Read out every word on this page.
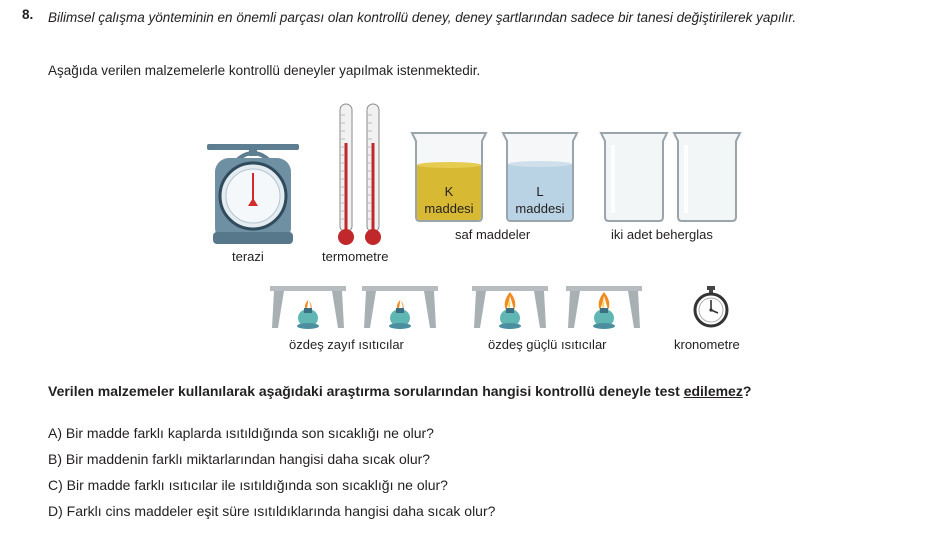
8. Bilimsel çalışma yönteminin en önemli parçası olan kontrollü deney, deney şartlarından sadece bir tanesi değiştirilerek yapılır.
Aşağıda verilen malzemelerle kontrollü deneyler yapılmak istenmektedir.
terazi	termometre
K
maddesi
L
maddesi
saf maddeler	iki adet beherglas
özdeş zayıf ısıtıcılar	özdeş güçlü ısıtıcılar	kronometre
Verilen malzemeler kullanılarak aşağıdaki araştırma sorularından hangisi kontrollü deneyle test edilemez?
A) Bir madde farklı kaplarda ısıtıldığında son sıcaklığı ne olur?
B) Bir maddenin farklı miktarlarından hangisi daha sıcak olur?
C) Bir madde farklı ısıtıcılar ile ısıtıldığında son sıcaklığı ne olur?
D) Farklı cins maddeler eşit süre ısıtıldıklarında hangisi daha sıcak olur?
